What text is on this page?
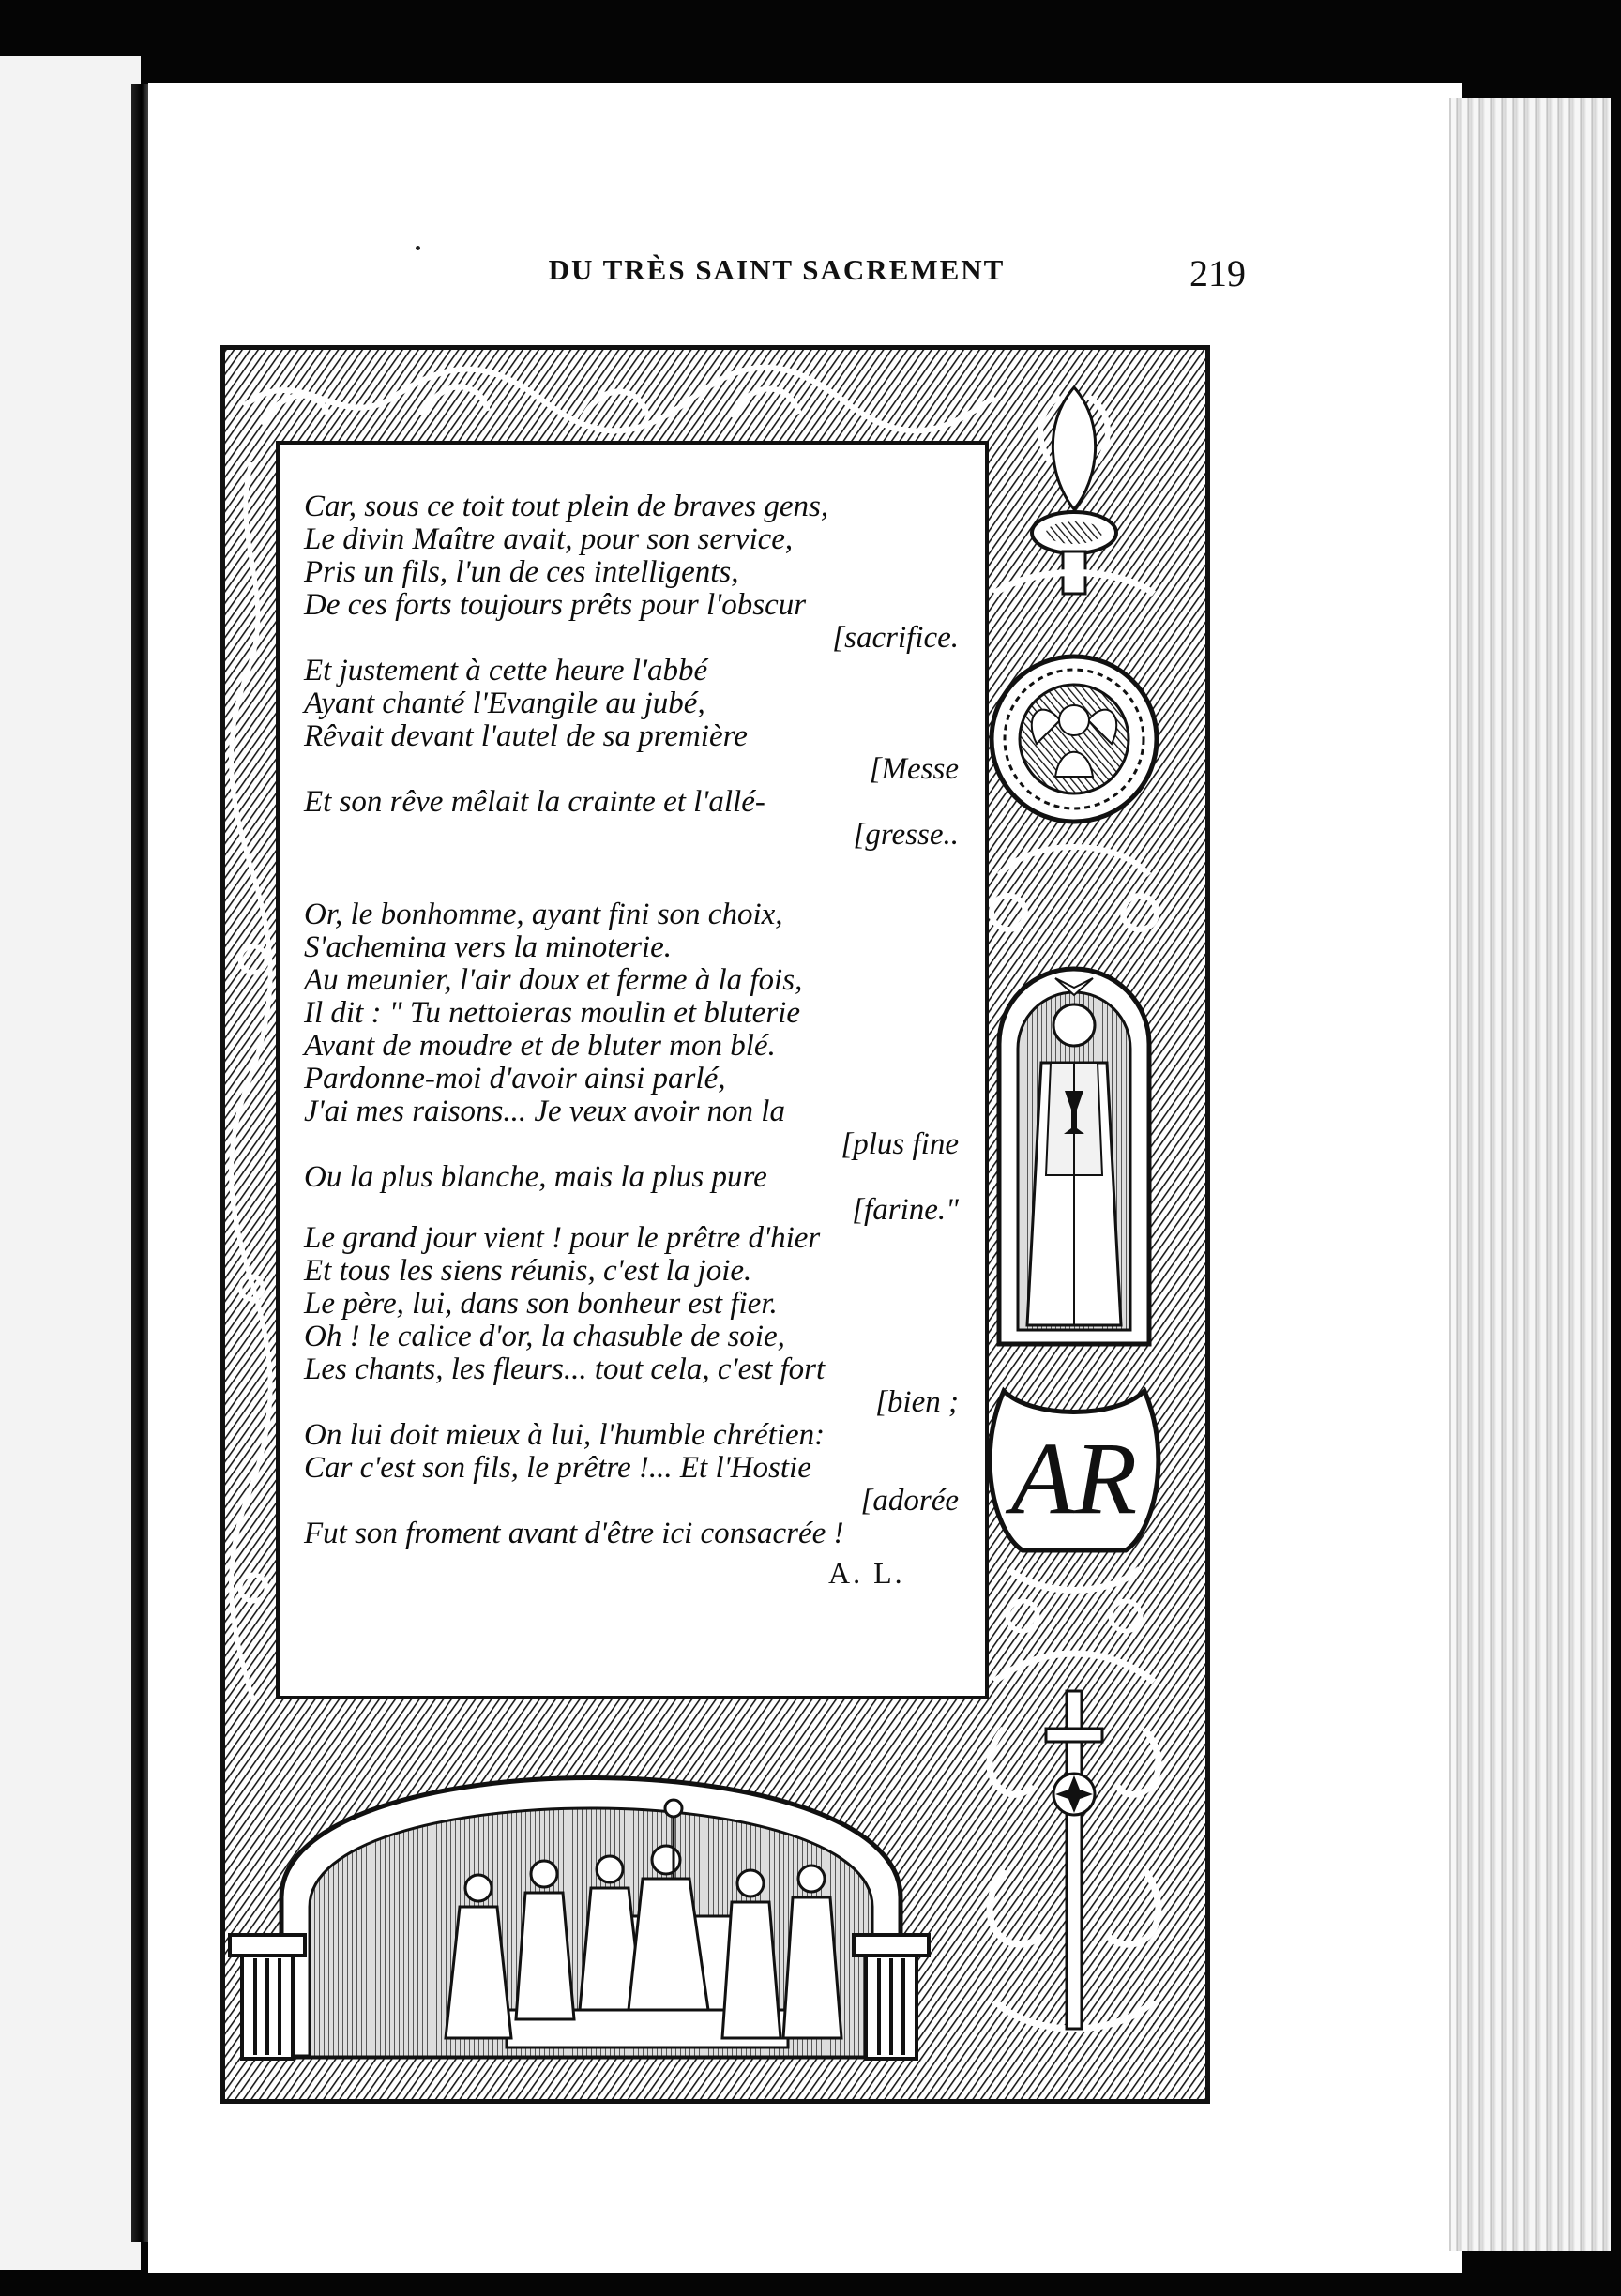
DU TRÈS SAINT SACREMENT	219
AR
Car, sous ce toit tout plein de braves gens,
Le divin Maître avait, pour son service,
Pris un fils, l'un de ces intelligents,
De ces forts toujours prêts pour l'obscur
[sacrifice.
Et justement à cette heure l'abbé
Ayant chanté l'Evangile au jubé,
Rêvait devant l'autel de sa première
[Messe
Et son rêve mêlait la crainte et l'allé-
[gresse..
Or, le bonhomme, ayant fini son choix,
S'achemina vers la minoterie.
Au meunier, l'air doux et ferme à la fois,
Il dit : " Tu nettoieras moulin et bluterie
Avant de moudre et de bluter mon blé.
Pardonne-moi d'avoir ainsi parlé,
J'ai mes raisons... Je veux avoir non la
[plus fine
Ou la plus blanche, mais la plus pure
[farine."
Le grand jour vient ! pour le prêtre d'hier
Et tous les siens réunis, c'est la joie.
Le père, lui, dans son bonheur est fier.
Oh ! le calice d'or, la chasuble de soie,
Les chants, les fleurs... tout cela, c'est fort
[bien ;
On lui doit mieux à lui, l'humble chrétien:
Car c'est son fils, le prêtre !... Et l'Hostie
[adorée
Fut son froment avant d'être ici consacrée !
A. L.
